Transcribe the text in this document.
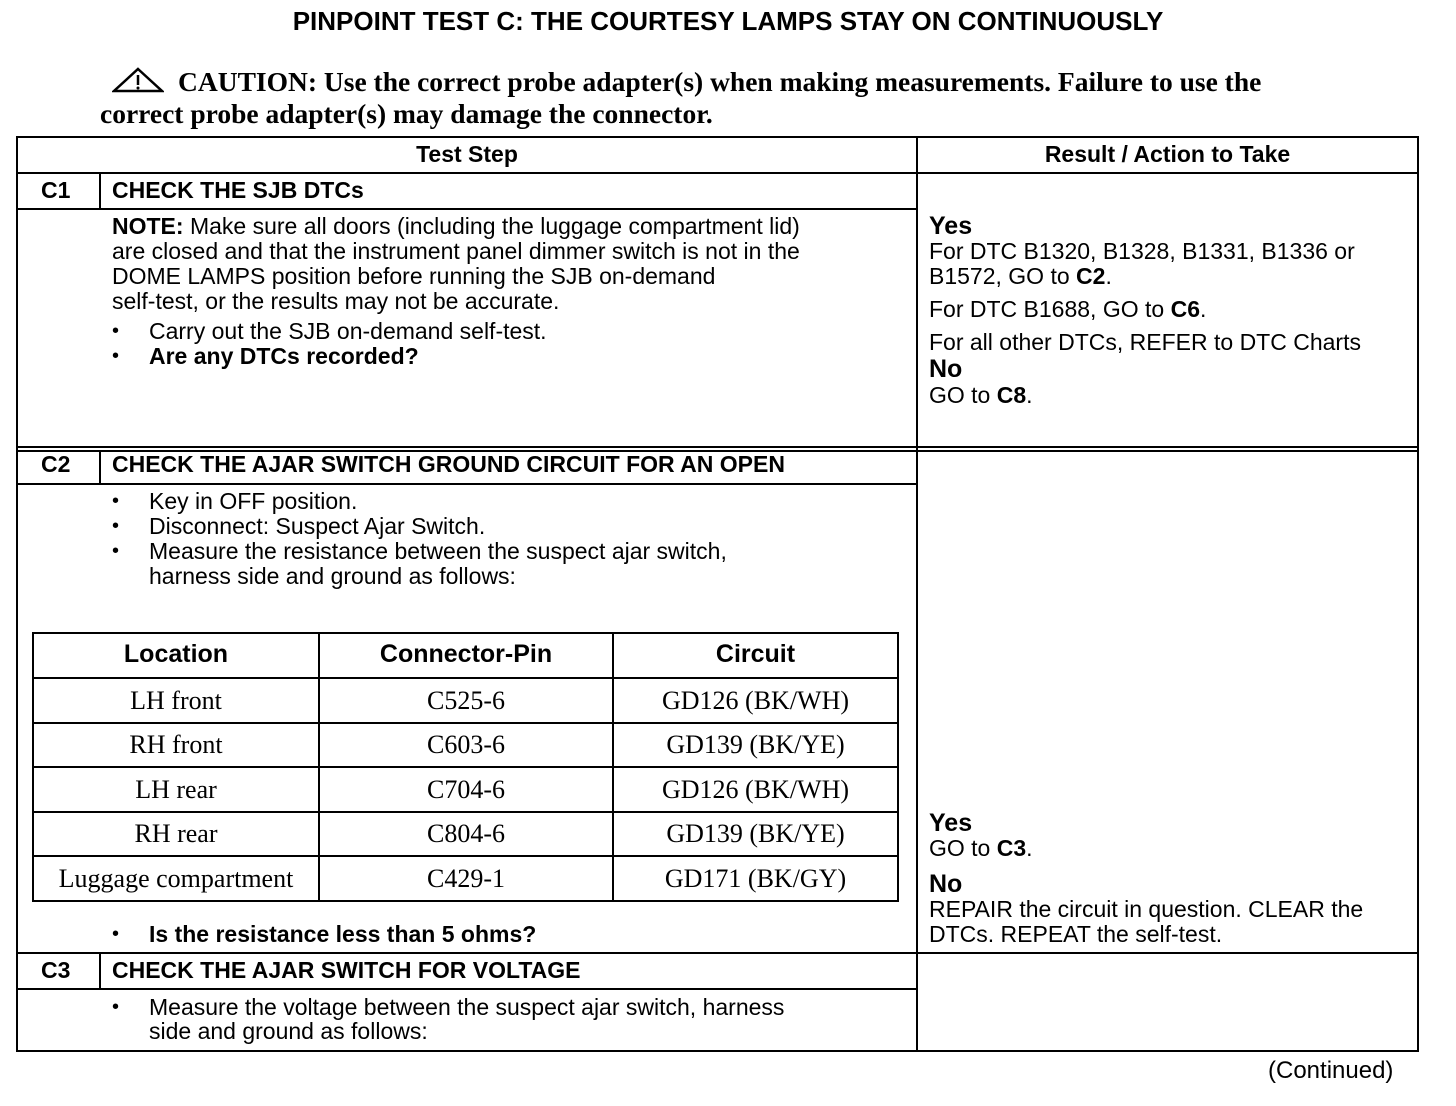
PINPOINT TEST C: THE COURTESY LAMPS STAY ON CONTINUOUSLY
CAUTION: Use the correct probe adapter(s) when making measurements. Failure to use the correct probe adapter(s) may damage the connector.
Test Step	Result / Action to Take
C1 CHECK THE SJB DTCs
NOTE: Make sure all doors (including the luggage compartment lid)
are closed and that the instrument panel dimmer switch is not in the
DOME LAMPS position before running the SJB on-demand
self-test, or the results may not be accurate.
• Carry out the SJB on-demand self-test.
• Are any DTCs recorded?
Yes
For DTC B1320, B1328, B1331, B1336 or
B1572, GO to C2.
For DTC B1688, GO to C6.
For all other DTCs, REFER to DTC Charts
No
GO to C8.
C2 CHECK THE AJAR SWITCH GROUND CIRCUIT FOR AN OPEN
• Key in OFF position.
• Disconnect: Suspect Ajar Switch.
• Measure the resistance between the suspect ajar switch,
harness side and ground as follows:
Location	Connector-Pin	Circuit
LH front	C525-6	GD126 (BK/WH)
RH front	C603-6	GD139 (BK/YE)
LH rear	C704-6	GD126 (BK/WH)
RH rear	C804-6	GD139 (BK/YE)
Luggage compartment	C429-1	GD171 (BK/GY)
• Is the resistance less than 5 ohms?
Yes
GO to C3.
No
REPAIR the circuit in question. CLEAR the
DTCs. REPEAT the self-test.
C3 CHECK THE AJAR SWITCH FOR VOLTAGE
• Measure the voltage between the suspect ajar switch, harness
side and ground as follows:
(Continued)
